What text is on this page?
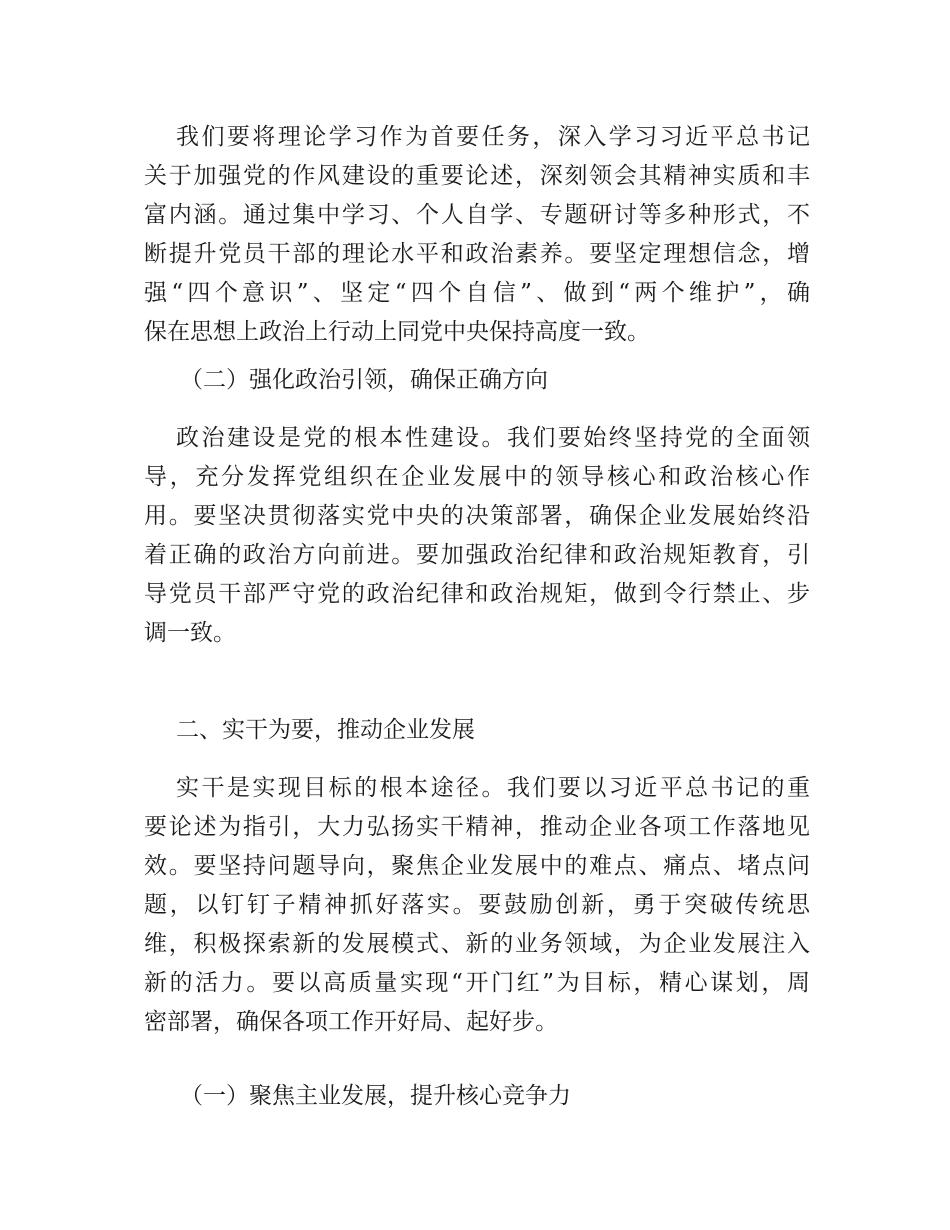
我们要将理论学习作为首要任务，深入学习习近平总书记
关于加强党的作风建设的重要论述，深刻领会其精神实质和丰
富内涵。通过集中学习、个人自学、专题研讨等多种形式，不
断提升党员干部的理论水平和政治素养。要坚定理想信念，增
强“四个意识”、坚定“四个自信”、做到“两个维护”，确
保在思想上政治上行动上同党中央保持高度一致。
（二）强化政治引领，确保正确方向
政治建设是党的根本性建设。我们要始终坚持党的全面领
导，充分发挥党组织在企业发展中的领导核心和政治核心作
用。要坚决贯彻落实党中央的决策部署，确保企业发展始终沿
着正确的政治方向前进。要加强政治纪律和政治规矩教育，引
导党员干部严守党的政治纪律和政治规矩，做到令行禁止、步
调一致。
二、实干为要，推动企业发展
实干是实现目标的根本途径。我们要以习近平总书记的重
要论述为指引，大力弘扬实干精神，推动企业各项工作落地见
效。要坚持问题导向，聚焦企业发展中的难点、痛点、堵点问
题，以钉钉子精神抓好落实。要鼓励创新，勇于突破传统思
维，积极探索新的发展模式、新的业务领域，为企业发展注入
新的活力。要以高质量实现“开门红”为目标，精心谋划，周
密部署，确保各项工作开好局、起好步。
（一）聚焦主业发展，提升核心竞争力
